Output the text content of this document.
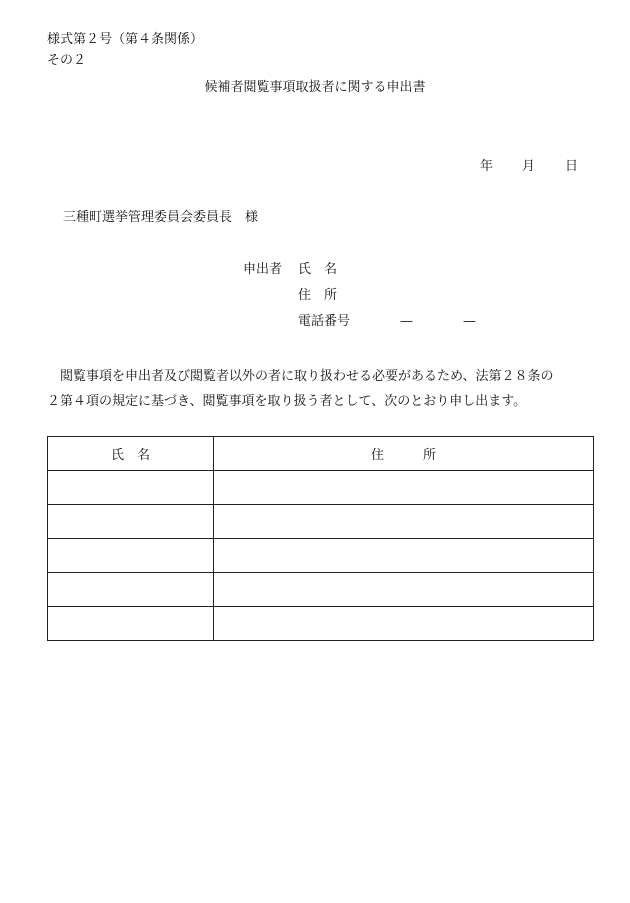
様式第２号（第４条関係）
その２
候補者閲覧事項取扱者に関する申出書
年 月 日
三種町選挙管理委員会委員長　様
申出者 氏　名
住　所
電話番号	—	—

　閲覧事項を申出者及び閲覧者以外の者に取り扱わせる必要があるため、法第２８条の

２第４項の規定に基づき、閲覧事項を取り扱う者として、次のとおり申し出ます。

氏　名	住　　　所
